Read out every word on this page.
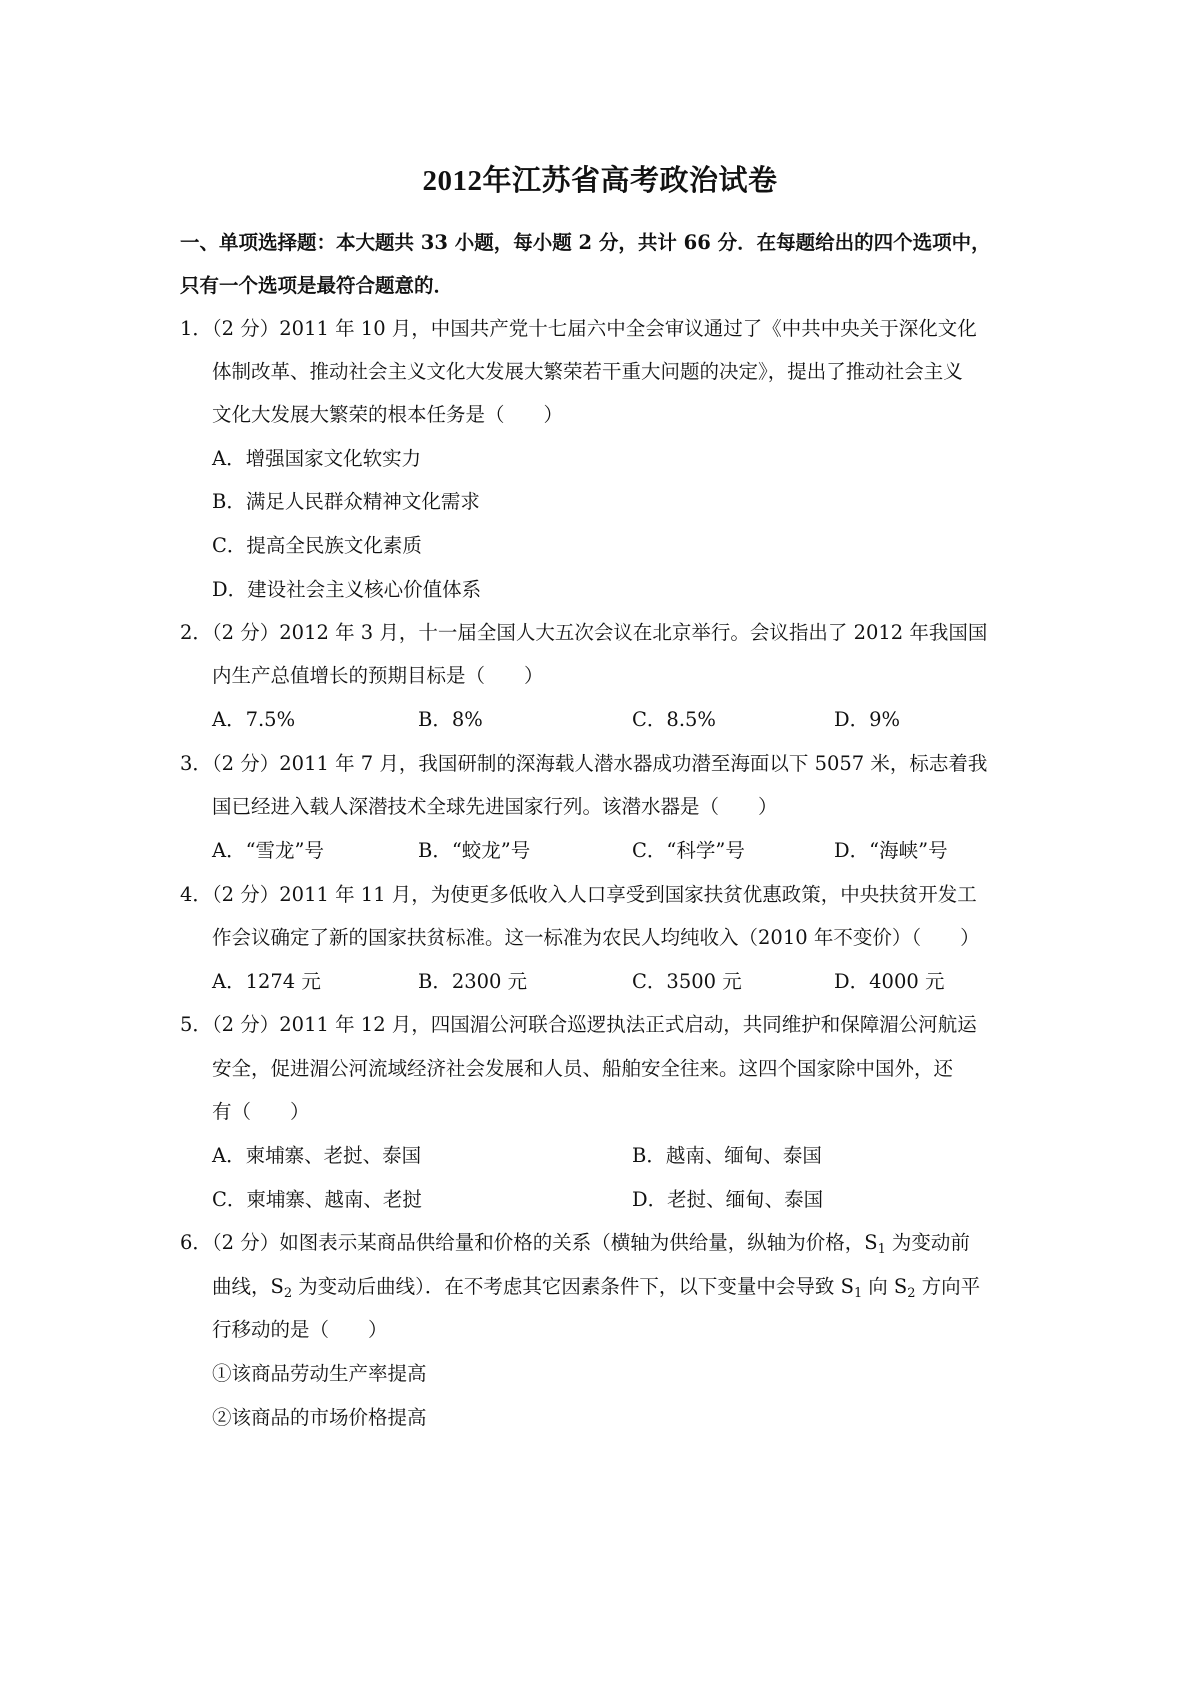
2012年江苏省高考政治试卷
一、单项选择题：本大题共 33 小题，每小题 2 分，共计 66 分．在每题给出的四个选项中，
只有一个选项是最符合题意的．
1．（2 分）2011 年 10 月，中国共产党十七届六中全会审议通过了《中共中央关于深化文化
体制改革、推动社会主义文化大发展大繁荣若干重大问题的决定》，提出了推动社会主义
文化大发展大繁荣的根本任务是（　　）
A．增强国家文化软实力
B．满足人民群众精神文化需求
C．提高全民族文化素质
D．建设社会主义核心价值体系
2．（2 分）2012 年 3 月，十一届全国人大五次会议在北京举行。会议指出了 2012 年我国国
内生产总值增长的预期目标是（　　）
A．7.5%	B．8%	C．8.5%	D．9%
3．（2 分）2011 年 7 月，我国研制的深海载人潜水器成功潜至海面以下 5057 米，标志着我
国已经进入载人深潜技术全球先进国家行列。该潜水器是（　　）
A．“雪龙”号	B．“蛟龙”号	C．“科学”号	D．“海峡”号
4．（2 分）2011 年 11 月，为使更多低收入人口享受到国家扶贫优惠政策，中央扶贫开发工
作会议确定了新的国家扶贫标准。这一标准为农民人均纯收入（2010 年不变价）（　　）
A．1274 元	B．2300 元	C．3500 元	D．4000 元
5．（2 分）2011 年 12 月，四国湄公河联合巡逻执法正式启动，共同维护和保障湄公河航运
安全，促进湄公河流域经济社会发展和人员、船舶安全往来。这四个国家除中国外，还
有（　　）
A．柬埔寨、老挝、泰国	B．越南、缅甸、泰国
C．柬埔寨、越南、老挝	D．老挝、缅甸、泰国
6．（2 分）如图表示某商品供给量和价格的关系（横轴为供给量，纵轴为价格，$S_1$ 为变动前
曲线，$S_2$ 为变动后曲线）．在不考虑其它因素条件下，以下变量中会导致 $S_1$ 向 $S_2$ 方向平
行移动的是（　　）
①该商品劳动生产率提高
②该商品的市场价格提高
